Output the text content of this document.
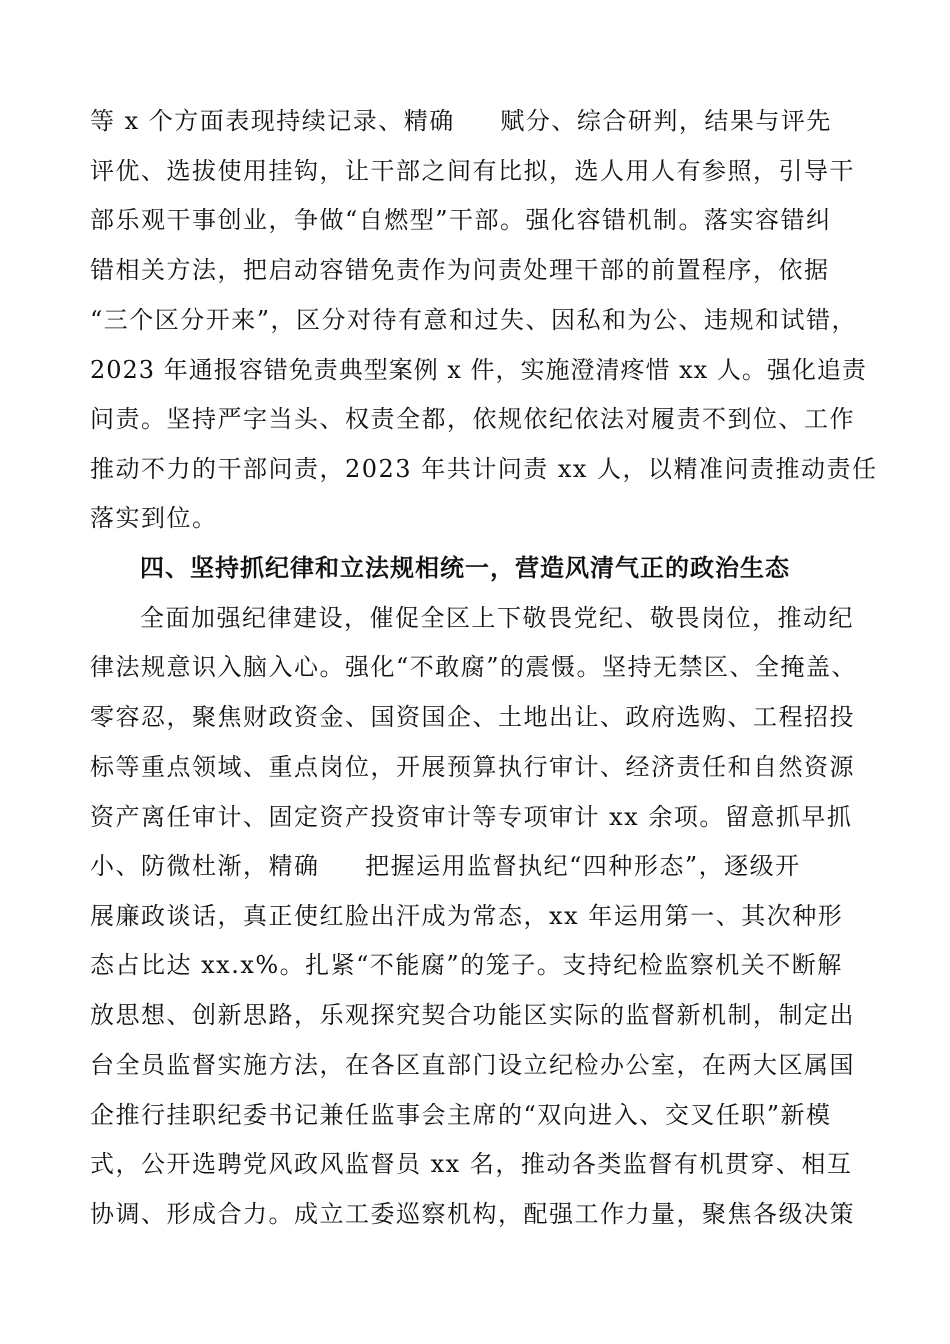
等 x 个方面表现持续记录、精确     赋分、综合研判，结果与评先
评优、选拔使用挂钩，让干部之间有比拟，选人用人有参照，引导干
部乐观干事创业，争做“自燃型”干部。强化容错机制。落实容错纠
错相关方法，把启动容错免责作为问责处理干部的前置程序，依据
“三个区分开来”，区分对待有意和过失、因私和为公、违规和试错，
2023 年通报容错免责典型案例 x 件，实施澄清疼惜 xx 人。强化追责
问责。坚持严字当头、权责全都，依规依纪依法对履责不到位、工作
推动不力的干部问责，2023 年共计问责 xx 人，以精准问责推动责任
落实到位。
四、坚持抓纪律和立法规相统一，营造风清气正的政治生态
全面加强纪律建设，催促全区上下敬畏党纪、敬畏岗位，推动纪
律法规意识入脑入心。强化“不敢腐”的震慑。坚持无禁区、全掩盖、
零容忍，聚焦财政资金、国资国企、土地出让、政府选购、工程招投
标等重点领域、重点岗位，开展预算执行审计、经济责任和自然资源
资产离任审计、固定资产投资审计等专项审计 xx 余项。留意抓早抓
小、防微杜渐，精确     把握运用监督执纪“四种形态”，逐级开
展廉政谈话，真正使红脸出汗成为常态，xx 年运用第一、其次种形
态占比达 xx.x%。扎紧“不能腐”的笼子。支持纪检监察机关不断解
放思想、创新思路，乐观探究契合功能区实际的监督新机制，制定出
台全员监督实施方法，在各区直部门设立纪检办公室，在两大区属国
企推行挂职纪委书记兼任监事会主席的“双向进入、交叉任职”新模
式，公开选聘党风政风监督员 xx 名，推动各类监督有机贯穿、相互
协调、形成合力。成立工委巡察机构，配强工作力量，聚焦各级决策
